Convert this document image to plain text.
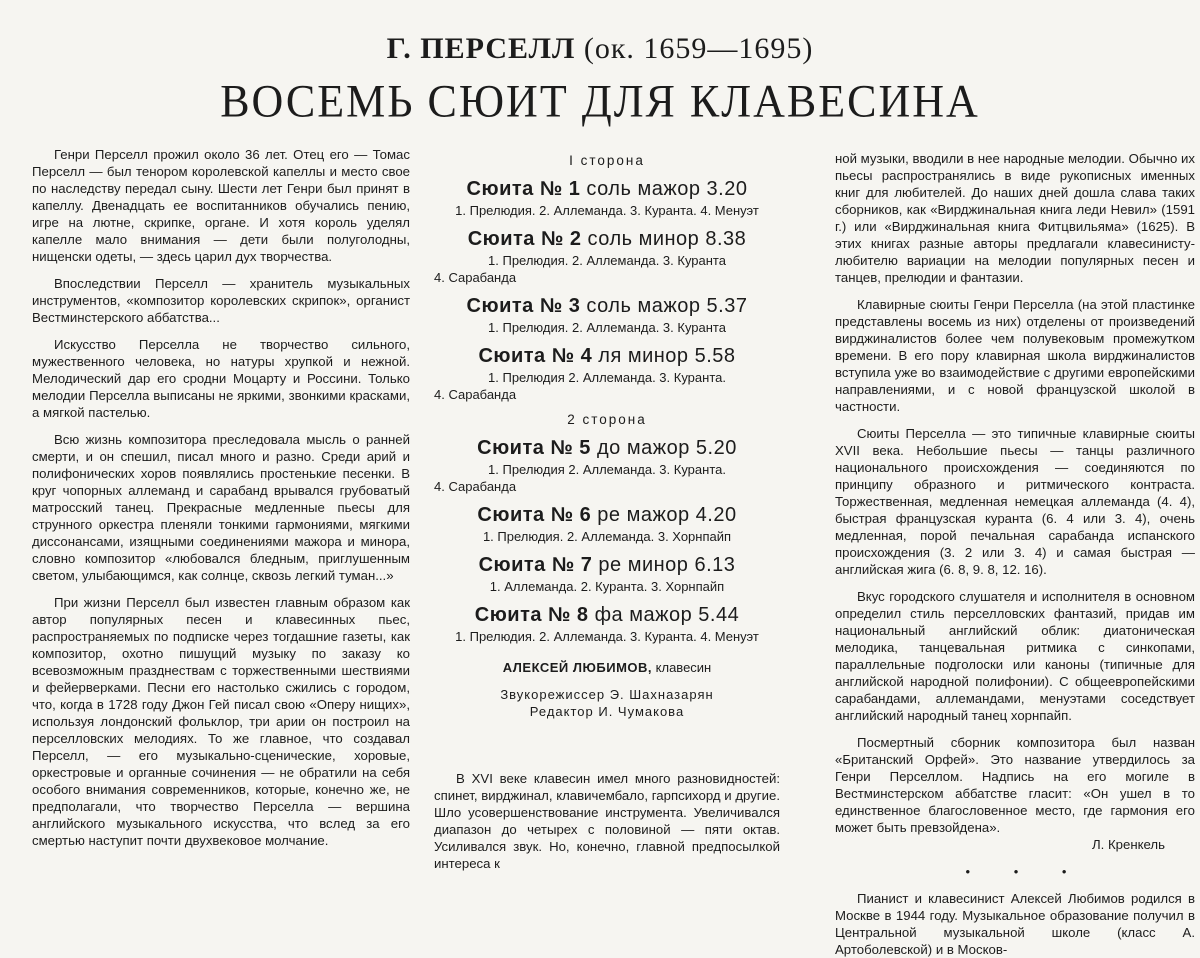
Г. ПЕРСЕЛЛ (ок. 1659—1695)
ВОСЕМЬ СЮИТ ДЛЯ КЛАВЕСИНА

Генри Перселл прожил около 36 лет. Отец его — Томас Перселл — был тенором королевской капеллы и место свое по наследству передал сыну. Шести лет Генри был принят в капеллу. Двенадцать ее воспитанников обучались пению, игре на лютне, скрипке, органе. И хотя король уделял капелле мало внимания — дети были полуголодны, нищенски одеты, — здесь царил дух творчества.

Впоследствии Перселл — хранитель музыкальных инструментов, «композитор королевских скрипок», органист Вестминстерского аббатства...

Искусство Перселла не творчество сильного, мужественного человека, но натуры хрупкой и нежной. Мелодический дар его сродни Моцарту и Россини. Только мелодии Перселла выписаны не яркими, звонкими красками, а мягкой пастелью.

Всю жизнь композитора преследовала мысль о ранней смерти, и он спешил, писал много и разно. Среди арий и полифонических хоров появлялись простенькие песенки. В круг чопорных аллеманд и сарабанд врывался грубоватый матросский танец. Прекрасные медленные пьесы для струнного оркестра пленяли тонкими гармониями, мягкими диссонансами, изящными соединениями мажора и минора, словно композитор «любовался бледным, приглушенным светом, улыбающимся, как солнце, сквозь легкий туман...»

При жизни Перселл был известен главным образом как автор популярных песен и клавесинных пьес, распространяемых по подписке через тогдашние газеты, как композитор, охотно пишущий музыку по заказу ко всевозможным празднествам с торжественными шествиями и фейерверками. Песни его настолько сжились с городом, что, когда в 1728 году Джон Гей писал свою «Оперу нищих», используя лондонский фольклор, три арии он построил на перселловских мелодиях. То же главное, что создавал Перселл, — его музыкально-сценические, хоровые, оркестровые и органные сочинения — не обратили на себя особого внимания современников, которые, конечно же, не предполагали, что творчество Перселла — вершина английского музыкального искусства, что вслед за его смертью наступит почти двухвековое молчание.

I сторона
Сюита № 1 соль мажор 3.20
1. Прелюдия. 2. Аллеманда. 3. Куранта. 4. Менуэт
Сюита № 2 соль минор 8.38
1. Прелюдия. 2. Аллеманда. 3. Куранта
4. Сарабанда
Сюита № 3 соль мажор 5.37
1. Прелюдия. 2. Аллеманда. 3. Куранта
Сюита № 4 ля минор 5.58
1. Прелюдия 2. Аллеманда. 3. Куранта.
4. Сарабанда
2 сторона
Сюита № 5 до мажор 5.20
1. Прелюдия 2. Аллеманда. 3. Куранта.
4. Сарабанда
Сюита № 6 ре мажор 4.20
1. Прелюдия. 2. Аллеманда. 3. Хорнпайп
Сюита № 7 ре минор 6.13
1. Аллеманда. 2. Куранта. 3. Хорнпайп
Сюита № 8 фа мажор 5.44
1. Прелюдия. 2. Аллеманда. 3. Куранта. 4. Менуэт
АЛЕКСЕЙ ЛЮБИМОВ, клавесин
Звукорежиссер Э. Шахназарян
Редактор И. Чумакова

В XVI веке клавесин имел много разновидностей: спинет, вирджинал, клавичембало, гарпсихорд и другие. Шло усовершенствование инструмента. Увеличивался диапазон до четырех с половиной — пяти октав. Усиливался звук. Но, конечно, главной предпосылкой интереса к

ной музыки, вводили в нее народные мелодии. Обычно их пьесы распространялись в виде рукописных именных книг для любителей. До наших дней дошла слава таких сборников, как «Вирджинальная книга леди Невил» (1591 г.) или «Вирджинальная книга Фитцвильяма» (1625). В этих книгах разные авторы предлагали клавесинисту-любителю вариации на мелодии популярных песен и танцев, прелюдии и фантазии.

Клавирные сюиты Генри Перселла (на этой пластинке представлены восемь из них) отделены от произведений вирджиналистов более чем полувековым промежутком времени. В его пору клавирная школа вирджиналистов вступила уже во взаимодействие с другими европейскими направлениями, и с новой французской школой в частности.

Сюиты Перселла — это типичные клавирные сюиты XVII века. Небольшие пьесы — танцы различного национального происхождения — соединяются по принципу образного и ритмического контраста. Торжественная, медленная немецкая аллеманда (4. 4), быстрая французская куранта (6. 4 или 3. 4), очень медленная, порой печальная сарабанда испанского происхождения (3. 2 или 3. 4) и самая быстрая — английская жига (6. 8, 9. 8, 12. 16).

Вкус городского слушателя и исполнителя в основном определил стиль перселловских фантазий, придав им национальный английский облик: диатоническая мелодика, танцевальная ритмика с синкопами, параллельные подголоски или каноны (типичные для английской народной полифонии). С общеевропейскими сарабандами, аллемандами, менуэтами соседствует английский народный танец хорнпайп.

Посмертный сборник композитора был назван «Британский Орфей». Это название утвердилось за Генри Перселлом. Надпись на его могиле в Вестминстерском аббатстве гласит: «Он ушел в то единственное благословенное место, где гармония его может быть превзойдена».

Л. Кренкель

• • •

Пианист и клавесинист Алексей Любимов родился в Москве в 1944 году. Музыкальное образование получил в Центральной музыкальной школе (класс А. Артоболевской) и в Москов-
